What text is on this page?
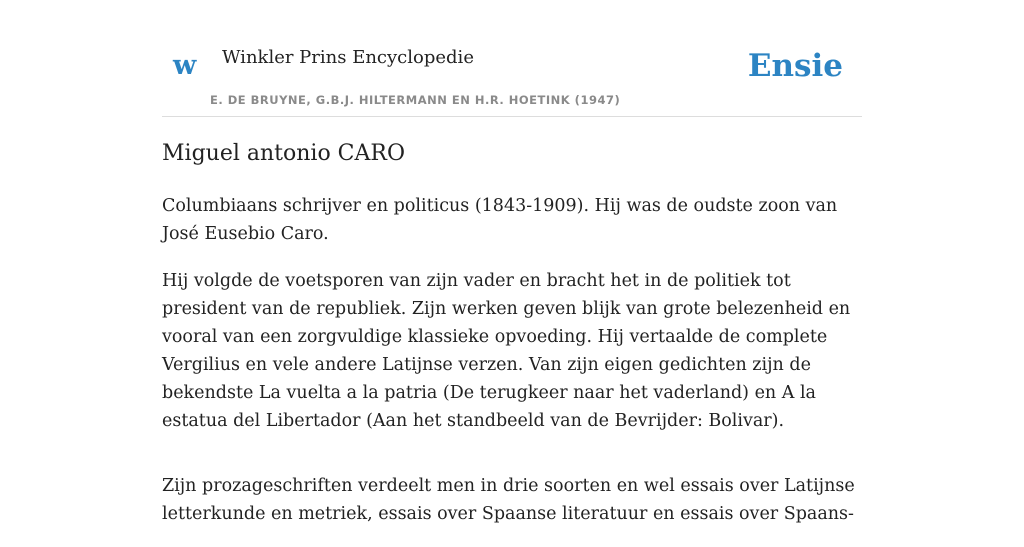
w Winkler Prins Encyclopedie
E. DE BRUYNE, G.B.J. HILTERMANN EN H.R. HOETINK (1947)
Ensie
Miguel antonio CARO

Columbiaans schrijver en politicus (1843-1909). Hij was de oudste zoon van José Eusebio Caro.

Hij volgde de voetsporen van zijn vader en bracht het in de politiek tot president van de republiek. Zijn werken geven blijk van grote belezenheid en vooral van een zorgvuldige klassieke opvoeding. Hij vertaalde de complete Vergilius en vele andere Latijnse verzen. Van zijn eigen gedichten zijn de bekendste La vuelta a la patria (De terugkeer naar het vaderland) en A la estatua del Libertador (Aan het standbeeld van de Bevrijder: Bolivar).

Zijn prozageschriften verdeelt men in drie soorten en wel essais over Latijnse letterkunde en metriek, essais over Spaanse literatuur en essais over Spaans-
